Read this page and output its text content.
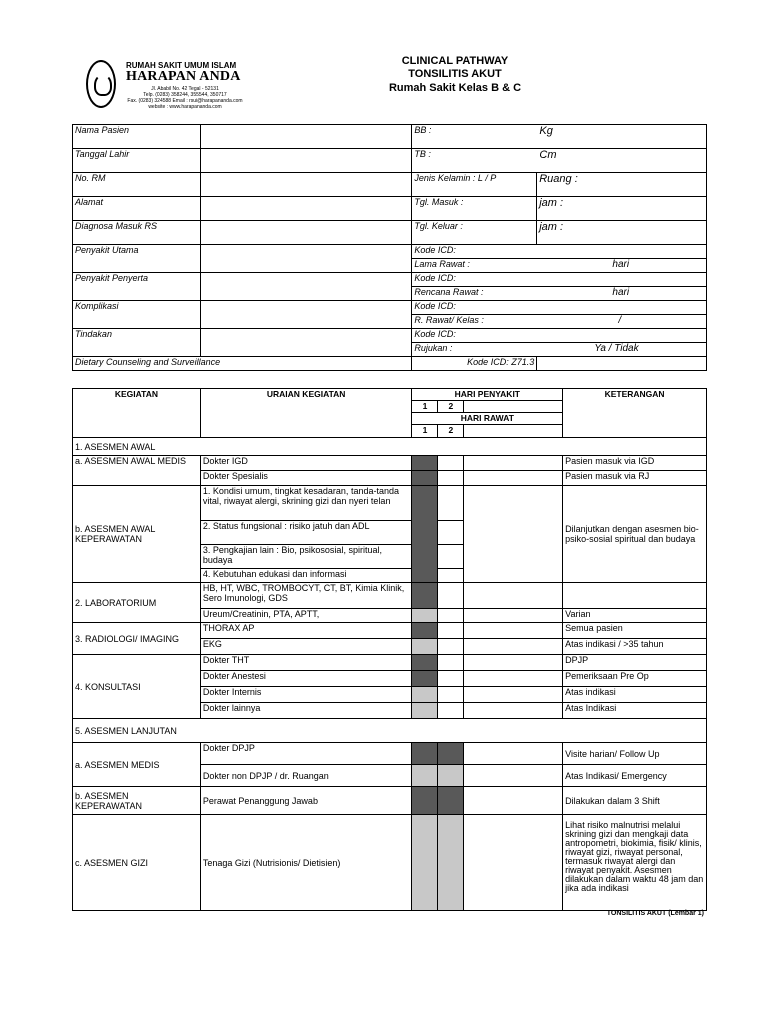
RUMAH SAKIT UMUM ISLAM
HARAPAN ANDA
Jl. Ababil No. 42 Tegal - 52131
Telp. (0283) 358244, 355544, 350717
Fax. (0283) 324588 Email : rsui@harapananda.com
website : www.harapananda.com
CLINICAL PATHWAY
TONSILITIS AKUT
Rumah Sakit Kelas B & C
Nama Pasien		BB : Kg	

Tanggal Lahir		TB : Cm	

No. RM		Jenis Kelamin : L / P	Ruang :
Alamat		Tgl. Masuk :	jam :
Diagnosa Masuk RS		Tgl. Keluar :	jam :
Penyakit Utama		Kode ICD:	
		Lama Rawat : hari	

Penyakit Penyerta		Kode ICD:	
		Rencana Rawat : hari	

Komplikasi		Kode ICD:	
		R. Rawat/ Kelas : /	

Tindakan		Kode ICD:	
		Rujukan : Ya / Tidak	

Dietary Counseling and Surveillance		Kode ICD: Z71.3	
KEGIATAN	URAIAN KEGIATAN	HARI PENYAKIT			KETERANGAN
		1	2		
		HARI RAWAT			
		1	2		
1. ASESMEN AWAL					
a. ASESMEN AWAL MEDIS	Dokter IGD				Pasien masuk via IGD
	Dokter Spesialis				Pasien masuk via RJ
b. ASESMEN AWAL KEPERAWATAN	1. Kondisi umum, tingkat kesadaran, tanda-tanda vital, riwayat alergi, skrining gizi dan nyeri telan				Dilanjutkan dengan asesmen bio-psiko-sosial spiritual dan budaya
	2. Status fungsional : risiko jatuh dan ADL				
	3. Pengkajian lain : Bio, psikososial, spiritual, budaya				
	4. Kebutuhan edukasi dan informasi				
2. LABORATORIUM	HB, HT, WBC, TROMBOCYT, CT, BT, Kimia Klinik, Sero Imunologi, GDS				
	Ureum/Creatinin, PTA, APTT,				Varian
3. RADIOLOGI/ IMAGING	THORAX AP				Semua pasien
	EKG				Atas indikasi / >35 tahun
4. KONSULTASI	Dokter THT				DPJP
	Dokter Anestesi				Pemeriksaan Pre Op
	Dokter Internis				Atas indikasi
	Dokter lainnya				Atas Indikasi
5. ASESMEN LANJUTAN					
a. ASESMEN MEDIS	Dokter DPJP				Visite harian/ Follow Up
	Dokter non DPJP / dr. Ruangan				Atas Indikasi/ Emergency
b. ASESMEN KEPERAWATAN	Perawat Penanggung Jawab				Dilakukan dalam 3 Shift
c. ASESMEN GIZI	Tenaga Gizi (Nutrisionis/ Dietisien)				Lihat risiko malnutrisi melalui skrining gizi dan mengkaji data antropometri, biokimia, fisik/ klinis, riwayat gizi, riwayat personal, termasuk riwayat alergi dan riwayat penyakit. Asesmen dilakukan dalam waktu 48 jam dan jika ada indikasi
TONSILITIS AKUT (Lembar 1)
